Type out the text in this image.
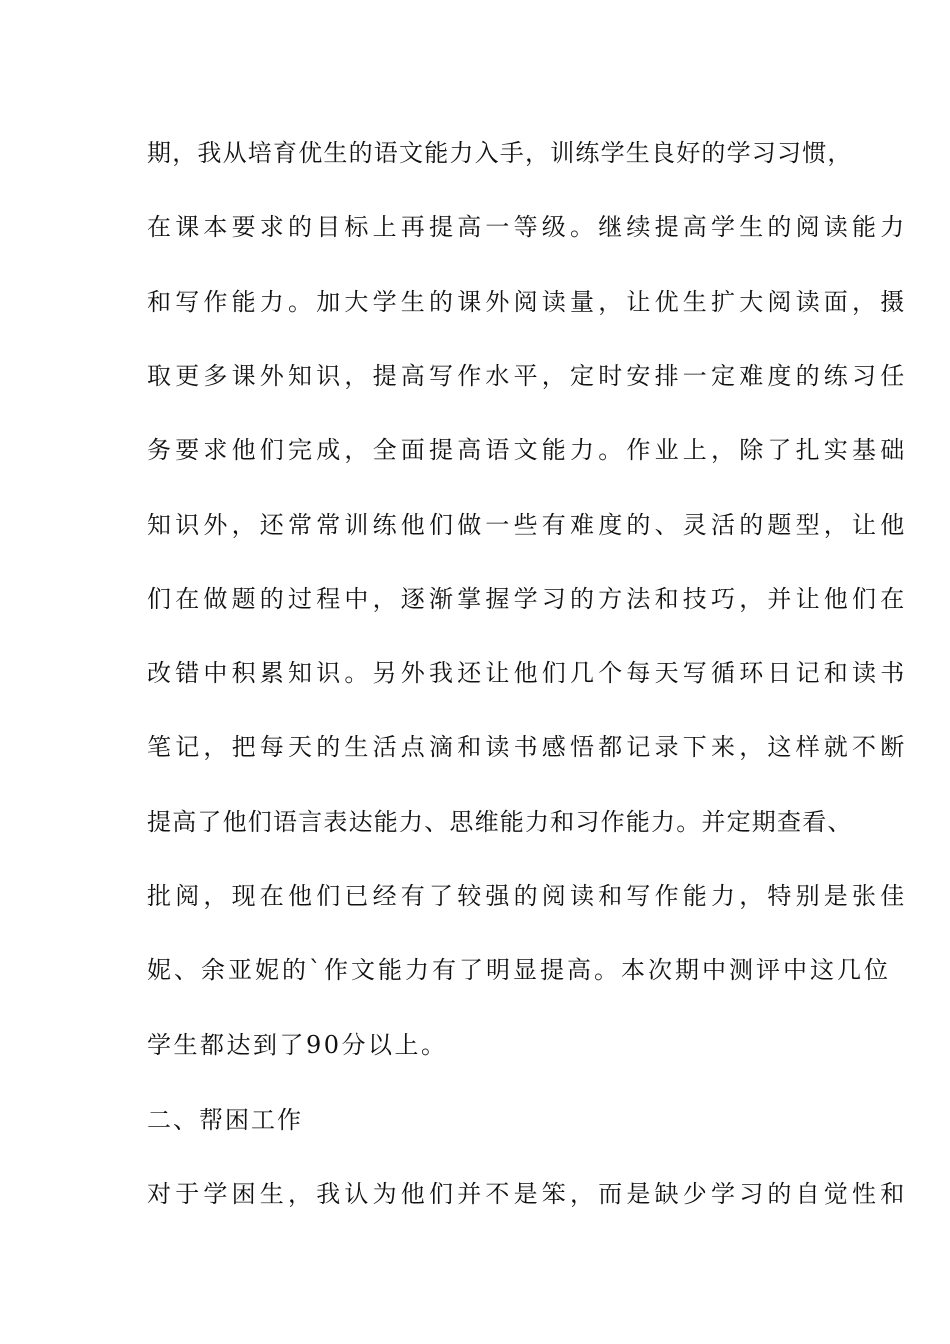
期，我从培育优生的语文能力入手，训练学生良好的学习习惯，
在课本要求的目标上再提高一等级。继续提高学生的阅读能力
和写作能力。加大学生的课外阅读量，让优生扩大阅读面，摄
取更多课外知识，提高写作水平，定时安排一定难度的练习任
务要求他们完成，全面提高语文能力。作业上，除了扎实基础
知识外，还常常训练他们做一些有难度的、灵活的题型，让他
们在做题的过程中，逐渐掌握学习的方法和技巧，并让他们在
改错中积累知识。另外我还让他们几个每天写循环日记和读书
笔记，把每天的生活点滴和读书感悟都记录下来，这样就不断
提高了他们语言表达能力、思维能力和习作能力。并定期查看、
批阅，现在他们已经有了较强的阅读和写作能力，特别是张佳
妮、余亚妮的`作文能力有了明显提高。本次期中测评中这几位
学生都达到了90分以上。
二、帮困工作
对于学困生，我认为他们并不是笨，而是缺少学习的自觉性和
